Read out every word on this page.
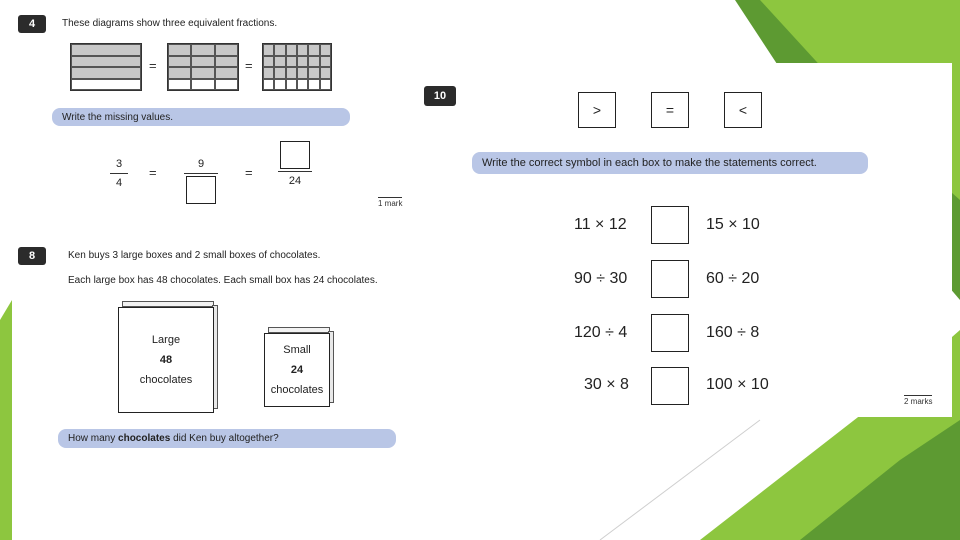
4	These diagrams show three equivalent fractions.
=	=
Write the missing values.
3
4
=
9
=
24
1 mark
8	Ken buys 3 large boxes and 2 small boxes of chocolates.
Each large box has 48 chocolates. Each small box has 24 chocolates.
Large
48
chocolates
Small
24
chocolates
How many
chocolates
did Ken buy altogether?
10
>	=	<
Write the correct symbol in each box to make the statements correct.
11 × 12	15 × 10
90 ÷ 30	60 ÷ 20
120 ÷ 4	160 ÷ 8
30 × 8	100 × 10
2 marks
